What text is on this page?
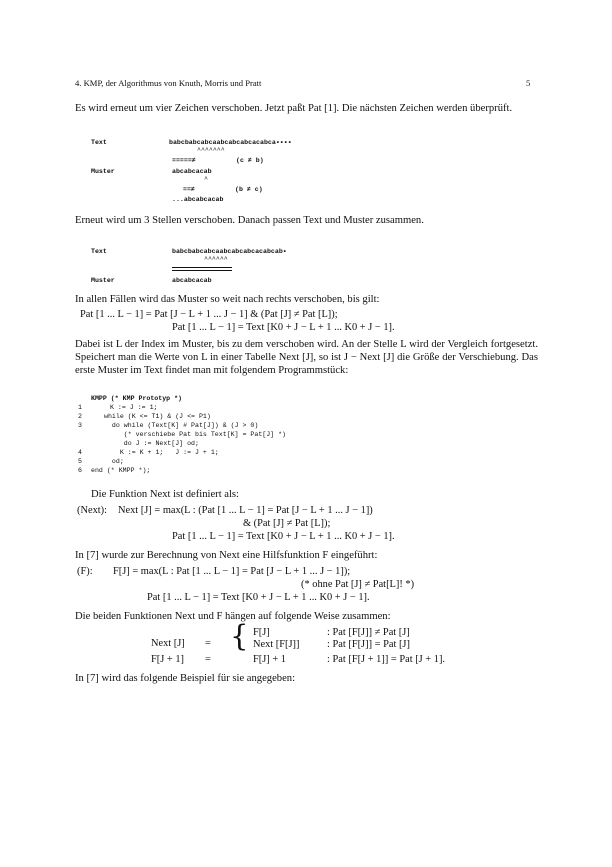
4. KMP, der Algorithmus von Knuth, Morris und Pratt	5
Es wird erneut um vier Zeichen verschoben. Jetzt paßt Pat [1]. Die nächsten Zeichen werden überprüft.
Text	babcbabcabcaabcabcabcacabca••••
^^^^^^^
=====≠	(c ≠ b)
Muster	abcabcacab
^
==≠	(b ≠ c)
...abcabcacab
Erneut wird um 3 Stellen verschoben. Danach passen Text und Muster zusammen.
Text	babcbabcabcaabcabcabcacabcab•
^^^^^^
Muster	abcabcacab
In allen Fällen wird das Muster so weit nach rechts verschoben, bis gilt:
Pat [1 ... L − 1] = Pat [J − L + 1 ... J − 1] & (Pat [J] ≠ Pat [L]);
Pat [1 ... L − 1] = Text [K0 + J − L + 1 ... K0 + J − 1].
Dabei ist L der Index im Muster, bis zu dem verschoben wird. An der Stelle L wird der Vergleich fortgesetzt. Speichert man die Werte von L in einer Tabelle Next [J], so ist J − Next [J] die Größe der Verschiebung. Das erste Muster im Text findet man mit folgendem Programmstück:
KMPP (* KMP Prototyp *)
1	K := J := 1;
2	while (K <= T1) & (J <= P1)
3	do while (Text[K] # Pat[J]) & (J > 0)
(* verschiebe Pat bis Text[K] = Pat[J] *)
do J := Next[J] od;
4	K := K + 1;   J := J + 1;
5	od;
6 end (* KMPP *);
Die Funktion Next ist definiert als:
(Next): Next [J] = max(L : (Pat [1 ... L − 1] = Pat [J − L + 1 ... J − 1])
& (Pat [J] ≠ Pat [L]);
Pat [1 ... L − 1] = Text [K0 + J − L + 1 ... K0 + J − 1].
In [7] wurde zur Berechnung von Next eine Hilfsfunktion F eingeführt:
(F): F[J] = max(L : Pat [1 ... L − 1] = Pat [J − L + 1 ... J − 1]);
(* ohne Pat [J] ≠ Pat[L]! *)
Pat [1 ... L − 1] = Text [K0 + J − L + 1 ... K0 + J − 1].
Die beiden Funktionen Next und F hängen auf folgende Weise zusammen:
Next [J] = { F[J]	: Pat [F[J]] ≠ Pat [J]
Next [F[J]]	: Pat [F[J]] = Pat [J]
F[J + 1] =	F[J] + 1	: Pat [F[J + 1]] = Pat [J + 1].
In [7] wird das folgende Beispiel für sie angegeben:
